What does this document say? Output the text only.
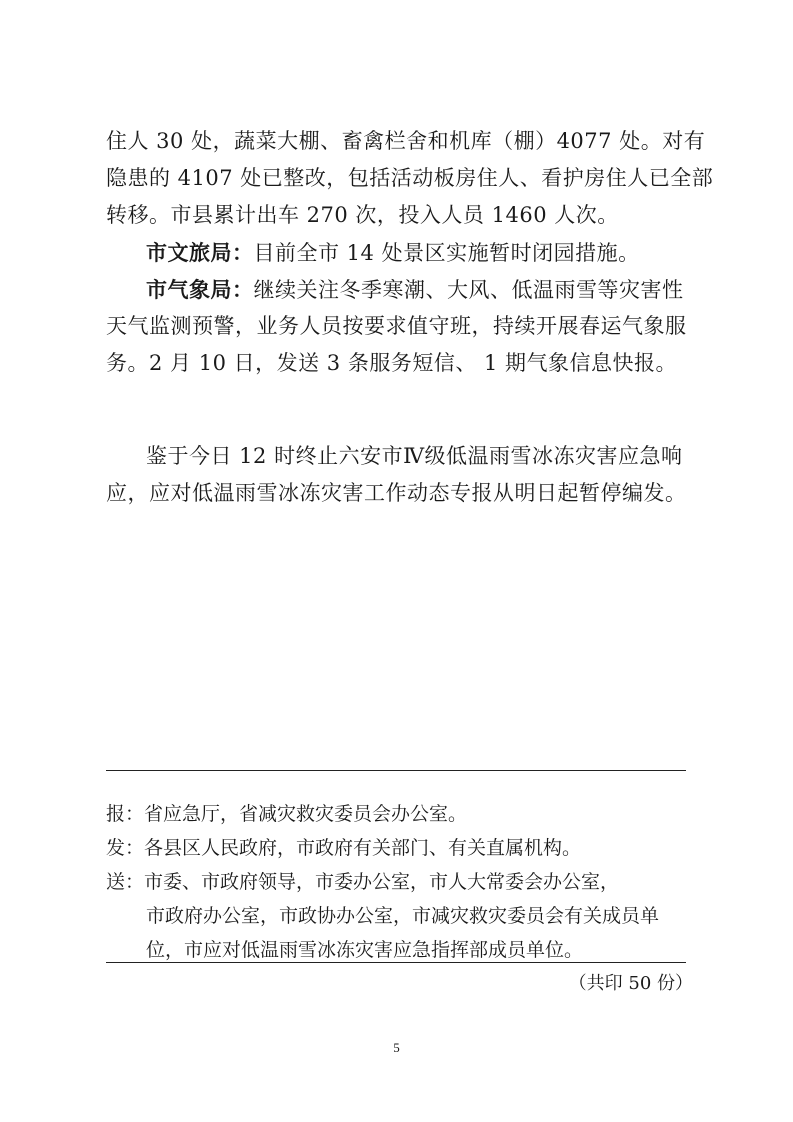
住人 30 处，蔬菜大棚、畜禽栏舍和机库（棚）4077 处。对有
隐患的 4107 处已整改，包括活动板房住人、看护房住人已全部
转移。市县累计出车 270 次，投入人员 1460 人次。
市文旅局：目前全市 14 处景区实施暂时闭园措施。
市气象局：继续关注冬季寒潮、大风、低温雨雪等灾害性
天气监测预警，业务人员按要求值守班，持续开展春运气象服
务。2 月 10 日，发送 3 条服务短信、 1 期气象信息快报。
鉴于今日 12 时终止六安市Ⅳ级低温雨雪冰冻灾害应急响
应，应对低温雨雪冰冻灾害工作动态专报从明日起暂停编发。
报：省应急厅，省减灾救灾委员会办公室。
发：各县区人民政府，市政府有关部门、有关直属机构。
送：市委、市政府领导，市委办公室，市人大常委会办公室，
市政府办公室，市政协办公室，市减灾救灾委员会有关成员单
位，市应对低温雨雪冰冻灾害应急指挥部成员单位。
（共印 50 份）
5
